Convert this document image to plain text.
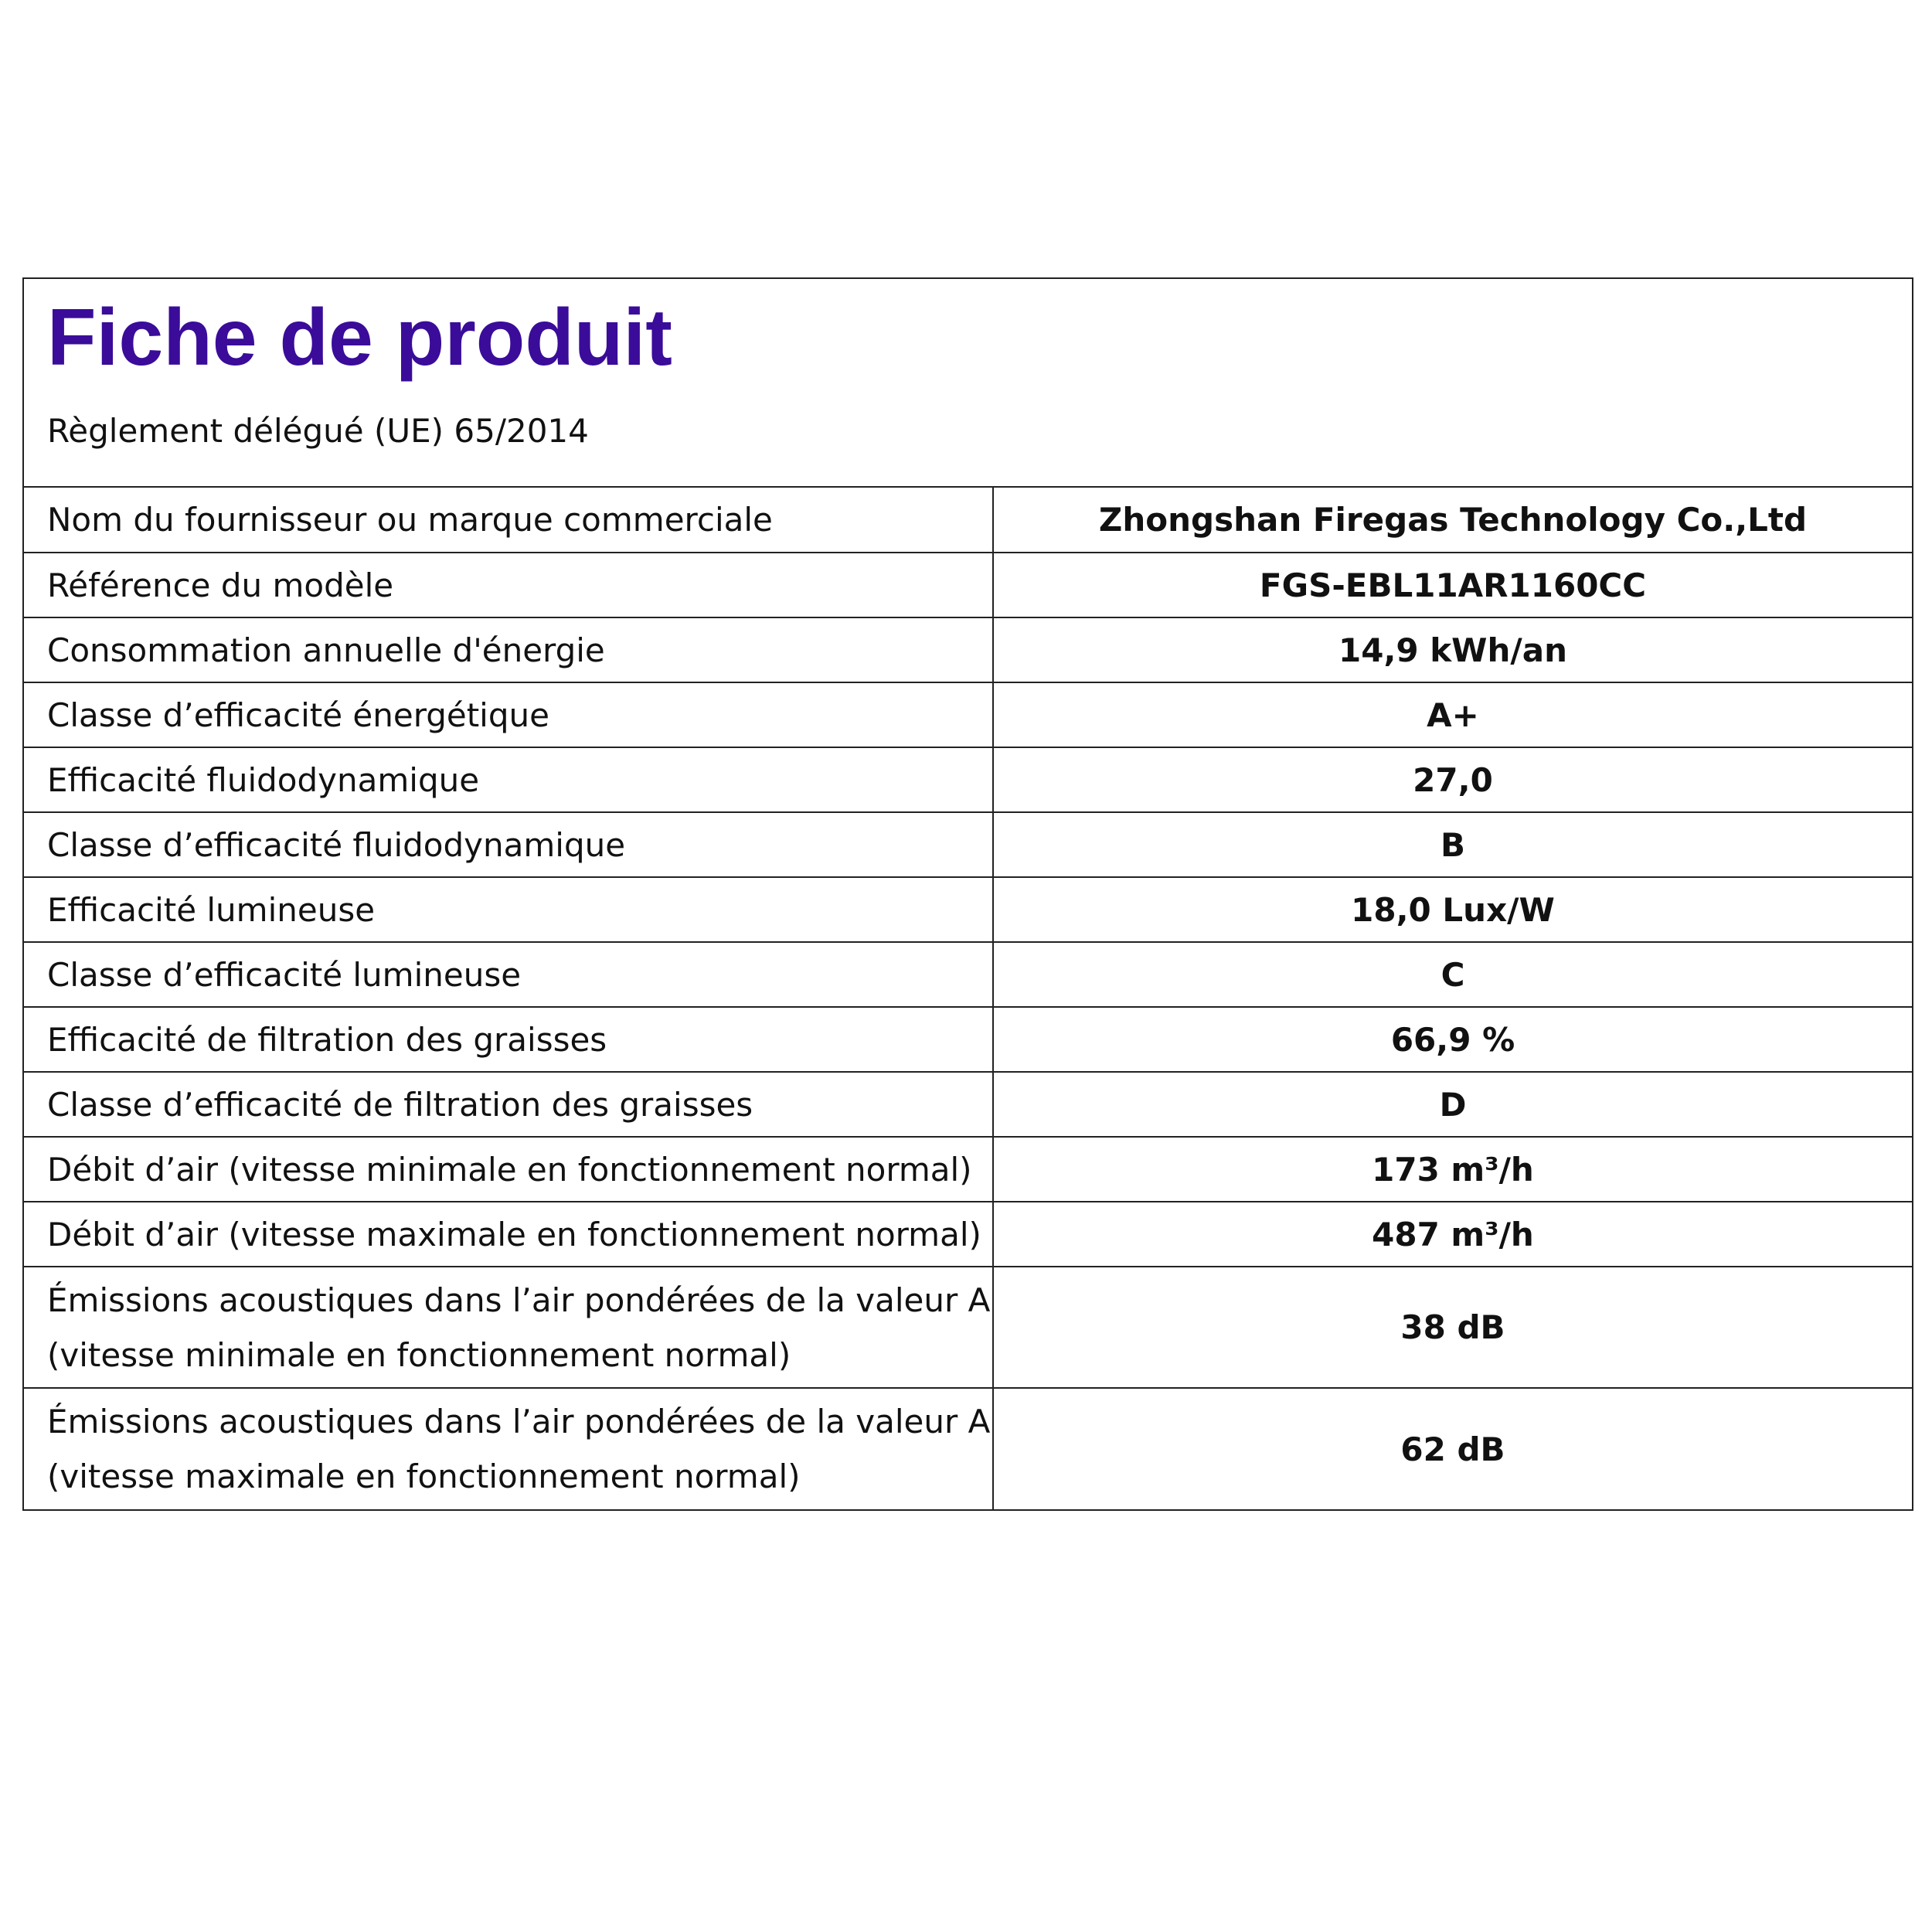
Fiche de produit
Règlement délégué (UE) 65/2014
Nom du fournisseur ou marque commerciale	Zhongshan Firegas Technology Co.,Ltd
Référence du modèle	FGS-EBL11AR1160CC
Consommation annuelle d'énergie	14,9 kWh/an
Classe d’efficacité énergétique	A+
Efficacité fluidodynamique	27,0
Classe d’efficacité fluidodynamique	B
Efficacité lumineuse	18,0 Lux/W
Classe d’efficacité lumineuse	C
Efficacité de filtration des graisses	66,9 %
Classe d’efficacité de filtration des graisses	D
Débit d’air (vitesse minimale en fonctionnement normal)	173 m³/h
Débit d’air (vitesse maximale en fonctionnement normal)	487 m³/h

Émissions acoustiques dans l’air pondérées de la valeur A
(vitesse minimale en fonctionnement normal)	38 dB

Émissions acoustiques dans l’air pondérées de la valeur A
(vitesse maximale en fonctionnement normal)	62 dB
